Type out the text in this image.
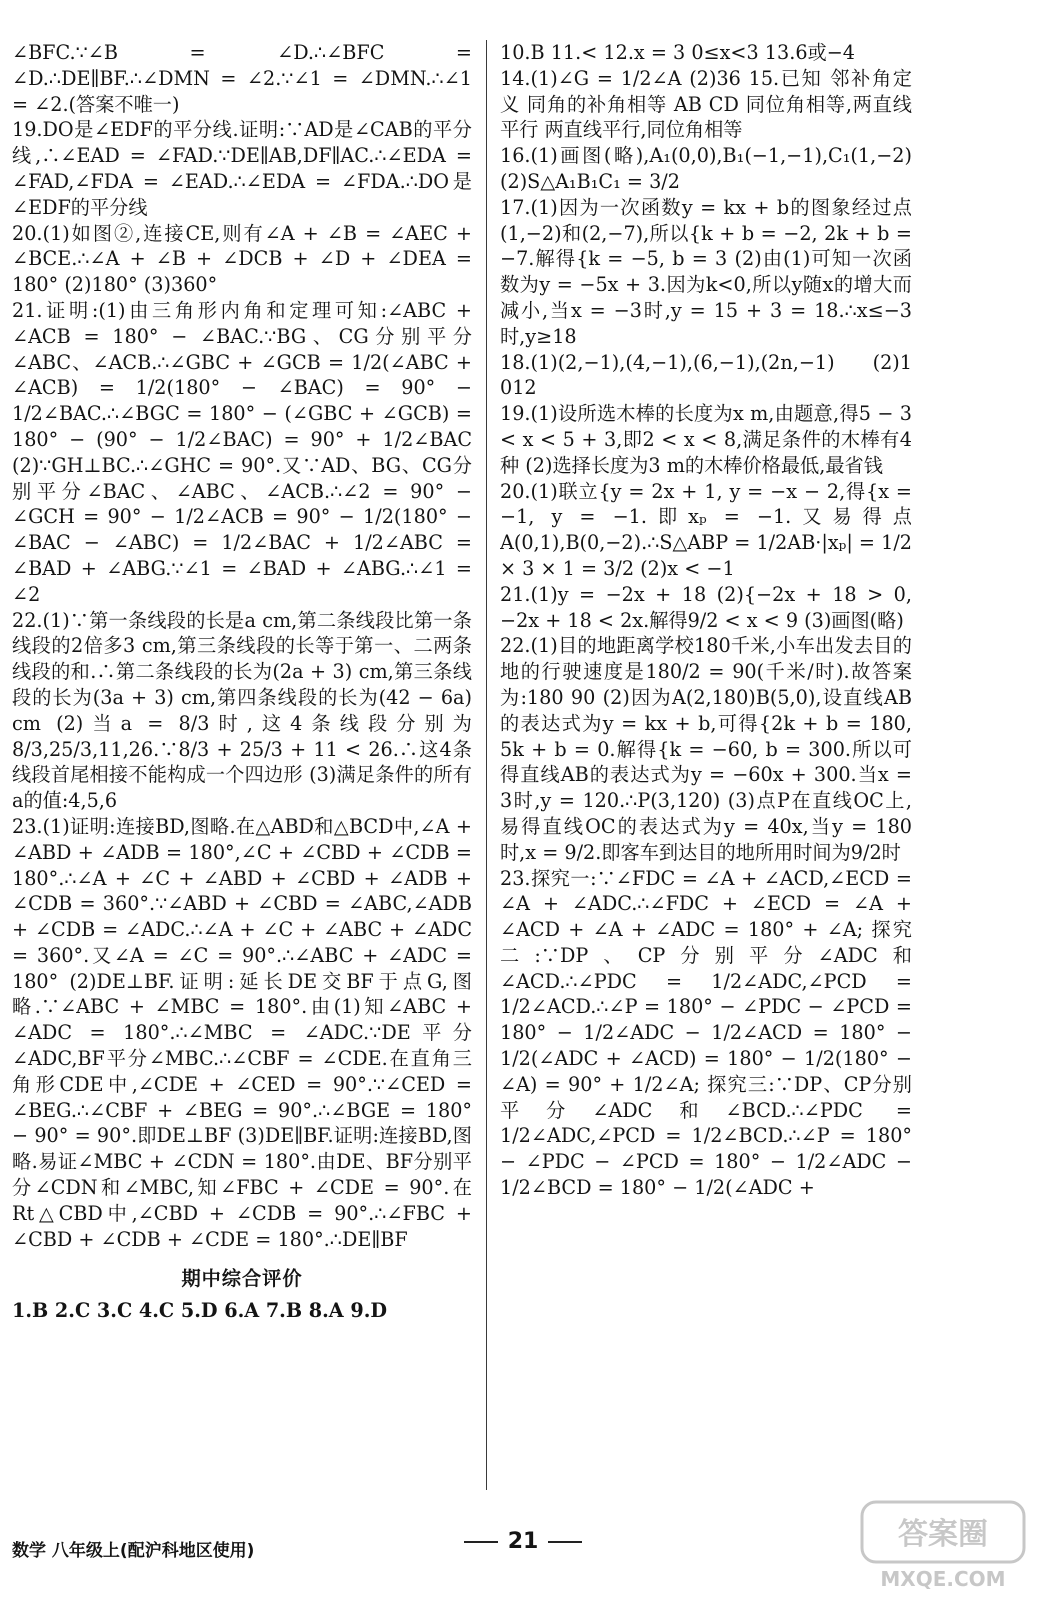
∠BFC.∵∠B = ∠D.∴∠BFC = ∠D.∴DE∥BF.∴∠DMN = ∠2.∵∠1 = ∠DMN.∴∠1 = ∠2.(答案不唯一)

19.DO是∠EDF的平分线.证明:∵AD是∠CAB的平分线,∴∠EAD = ∠FAD.∵DE∥AB,DF∥AC.∴∠EDA = ∠FAD,∠FDA = ∠EAD.∴∠EDA = ∠FDA.∴DO是∠EDF的平分线

20.(1)如图②,连接CE,则有∠A + ∠B = ∠AEC + ∠BCE.∴∠A + ∠B + ∠DCB + ∠D + ∠DEA = 180° (2)180° (3)360°

21.证明:(1)由三角形内角和定理可知:∠ABC + ∠ACB = 180° − ∠BAC.∵BG、CG分别平分∠ABC、∠ACB.∴∠GBC + ∠GCB = 1/2(∠ABC + ∠ACB) = 1/2(180° − ∠BAC) = 90° − 1/2∠BAC.∴∠BGC = 180° − (∠GBC + ∠GCB) = 180° − (90° − 1/2∠BAC) = 90° + 1/2∠BAC (2)∵GH⊥BC.∴∠GHC = 90°.又∵AD、BG、CG分别平分∠BAC、∠ABC、∠ACB.∴∠2 = 90° − ∠GCH = 90° − 1/2∠ACB = 90° − 1/2(180° − ∠BAC − ∠ABC) = 1/2∠BAC + 1/2∠ABC = ∠BAD + ∠ABG.∵∠1 = ∠BAD + ∠ABG.∴∠1 = ∠2

22.(1)∵第一条线段的长是a cm,第二条线段比第一条线段的2倍多3 cm,第三条线段的长等于第一、二两条线段的和.∴第二条线段的长为(2a + 3) cm,第三条线段的长为(3a + 3) cm,第四条线段的长为(42 − 6a) cm (2)当a = 8/3时,这4条线段分别为8/3,25/3,11,26.∵8/3 + 25/3 + 11 < 26.∴这4条线段首尾相接不能构成一个四边形 (3)满足条件的所有a的值:4,5,6

23.(1)证明:连接BD,图略.在△ABD和△BCD中,∠A + ∠ABD + ∠ADB = 180°,∠C + ∠CBD + ∠CDB = 180°.∴∠A + ∠C + ∠ABD + ∠CBD + ∠ADB + ∠CDB = 360°.∵∠ABD + ∠CBD = ∠ABC,∠ADB + ∠CDB = ∠ADC.∴∠A + ∠C + ∠ABC + ∠ADC = 360°.又∠A = ∠C = 90°.∴∠ABC + ∠ADC = 180° (2)DE⊥BF.证明:延长DE交BF于点G,图略.∵∠ABC + ∠MBC = 180°.由(1)知∠ABC + ∠ADC = 180°.∴∠MBC = ∠ADC.∵DE平分∠ADC,BF平分∠MBC.∴∠CBF = ∠CDE.在直角三角形CDE中,∠CDE + ∠CED = 90°.∵∠CED = ∠BEG.∴∠CBF + ∠BEG = 90°.∴∠BGE = 180° − 90° = 90°.即DE⊥BF (3)DE∥BF.证明:连接BD,图略.易证∠MBC + ∠CDN = 180°.由DE、BF分别平分∠CDN和∠MBC,知∠FBC + ∠CDE = 90°.在Rt△CBD中,∠CBD + ∠CDB = 90°.∴∠FBC + ∠CBD + ∠CDB + ∠CDE = 180°.∴DE∥BF

期中综合评价

1.B 2.C 3.C 4.C 5.D 6.A 7.B 8.A 9.D

10.B 11.< 12.x = 3 0≤x<3 13.6或−4

14.(1)∠G = 1/2∠A (2)36 15.已知 邻补角定义 同角的补角相等 AB CD 同位角相等,两直线平行 两直线平行,同位角相等

16.(1)画图(略),A₁(0,0),B₁(−1,−1),C₁(1,−2) (2)S△A₁B₁C₁ = 3/2

17.(1)因为一次函数y = kx + b的图象经过点(1,−2)和(2,−7),所以{k + b = −2, 2k + b = −7.解得{k = −5, b = 3 (2)由(1)可知一次函数为y = −5x + 3.因为k<0,所以y随x的增大而减小,当x = −3时,y = 15 + 3 = 18.∴x≤−3时,y≥18

18.(1)(2,−1),(4,−1),(6,−1),(2n,−1) (2)1 012

19.(1)设所选木棒的长度为x m,由题意,得5 − 3 < x < 5 + 3,即2 < x < 8,满足条件的木棒有4种 (2)选择长度为3 m的木棒价格最低,最省钱

20.(1)联立{y = 2x + 1, y = −x − 2,得{x = −1, y = −1.即xₚ = −1.又易得点A(0,1),B(0,−2).∴S△ABP = 1/2AB·|xₚ| = 1/2 × 3 × 1 = 3/2 (2)x < −1

21.(1)y = −2x + 18 (2){−2x + 18 > 0, −2x + 18 < 2x.解得9/2 < x < 9 (3)画图(略)

22.(1)目的地距离学校180千米,小车出发去目的地的行驶速度是180/2 = 90(千米/时).故答案为:180 90 (2)因为A(2,180)B(5,0),设直线AB的表达式为y = kx + b,可得{2k + b = 180, 5k + b = 0.解得{k = −60, b = 300.所以可得直线AB的表达式为y = −60x + 300.当x = 3时,y = 120.∴P(3,120) (3)点P在直线OC上,易得直线OC的表达式为y = 40x,当y = 180时,x = 9/2.即客车到达目的地所用时间为9/2时

23.探究一:∵∠FDC = ∠A + ∠ACD,∠ECD = ∠A + ∠ADC.∴∠FDC + ∠ECD = ∠A + ∠ACD + ∠A + ∠ADC = 180° + ∠A; 探究二:∵DP、CP分别平分∠ADC和∠ACD.∴∠PDC = 1/2∠ADC,∠PCD = 1/2∠ACD.∴∠P = 180° − ∠PDC − ∠PCD = 180° − 1/2∠ADC − 1/2∠ACD = 180° − 1/2(∠ADC + ∠ACD) = 180° − 1/2(180° − ∠A) = 90° + 1/2∠A; 探究三:∵DP、CP分别平分∠ADC和∠BCD.∴∠PDC = 1/2∠ADC,∠PCD = 1/2∠BCD.∴∠P = 180° − ∠PDC − ∠PCD = 180° − 1/2∠ADC − 1/2∠BCD = 180° − 1/2(∠ADC +

数学 八年级上(配沪科地区使用)	21	答案圈
MXQE.COM
